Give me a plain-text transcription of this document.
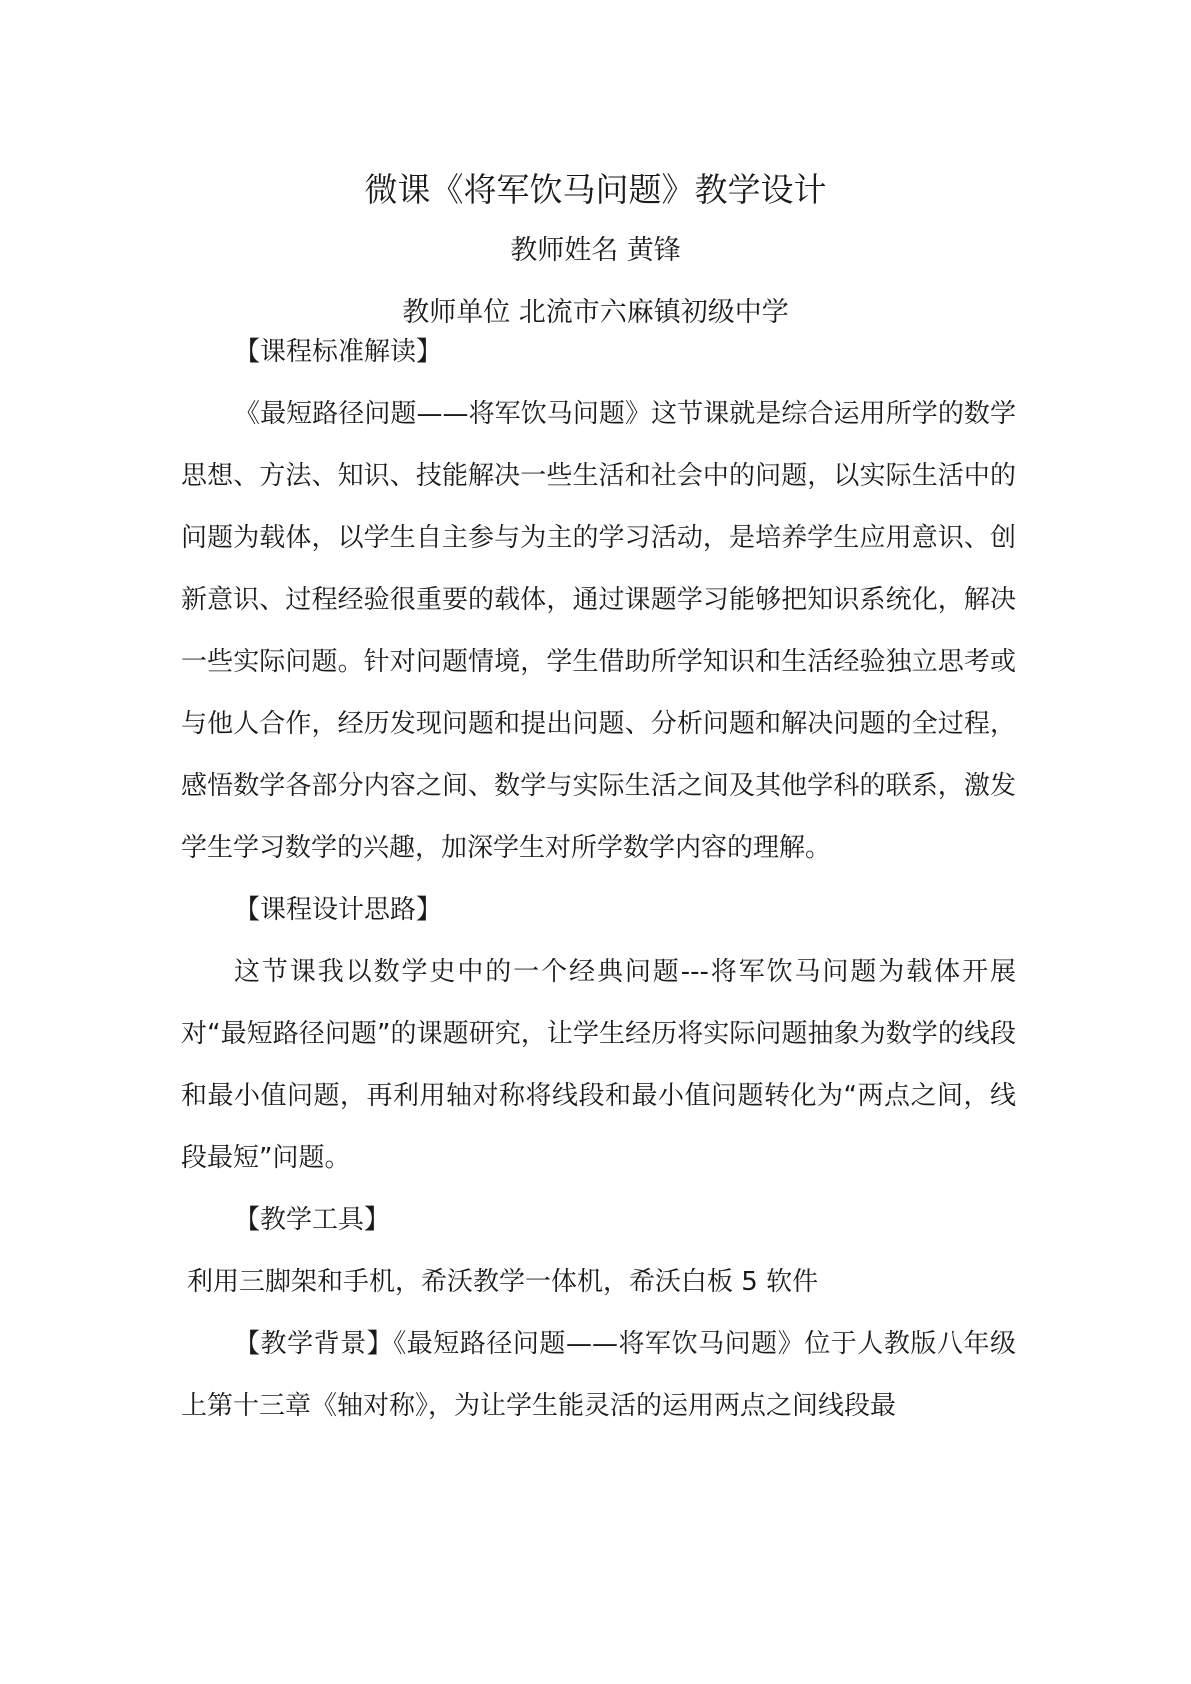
微课《将军饮马问题》教学设计
教师姓名 黄锋
教师单位 北流市六麻镇初级中学
【课程标准解读】

《最短路径问题——将军饮马问题》这节课就是综合运用所学的数学思想、方法、知识、技能解决一些生活和社会中的问题，以实际生活中的问题为载体，以学生自主参与为主的学习活动，是培养学生应用意识、创新意识、过程经验很重要的载体，通过课题学习能够把知识系统化，解决一些实际问题。针对问题情境，学生借助所学知识和生活经验独立思考或与他人合作，经历发现问题和提出问题、分析问题和解决问题的全过程，感悟数学各部分内容之间、数学与实际生活之间及其他学科的联系，激发学生学习数学的兴趣，加深学生对所学数学内容的理解。

【课程设计思路】

这节课我以数学史中的一个经典问题---将军饮马问题为载体开展对“最短路径问题”的课题研究，让学生经历将实际问题抽象为数学的线段和最小值问题，再利用轴对称将线段和最小值问题转化为“两点之间，线段最短”问题。

【教学工具】
利用三脚架和手机，希沃教学一体机，希沃白板 5 软件

【教学背景】《最短路径问题——将军饮马问题》位于人教版八年级上第十三章《轴对称》，为让学生能灵活的运用两点之间线段最
